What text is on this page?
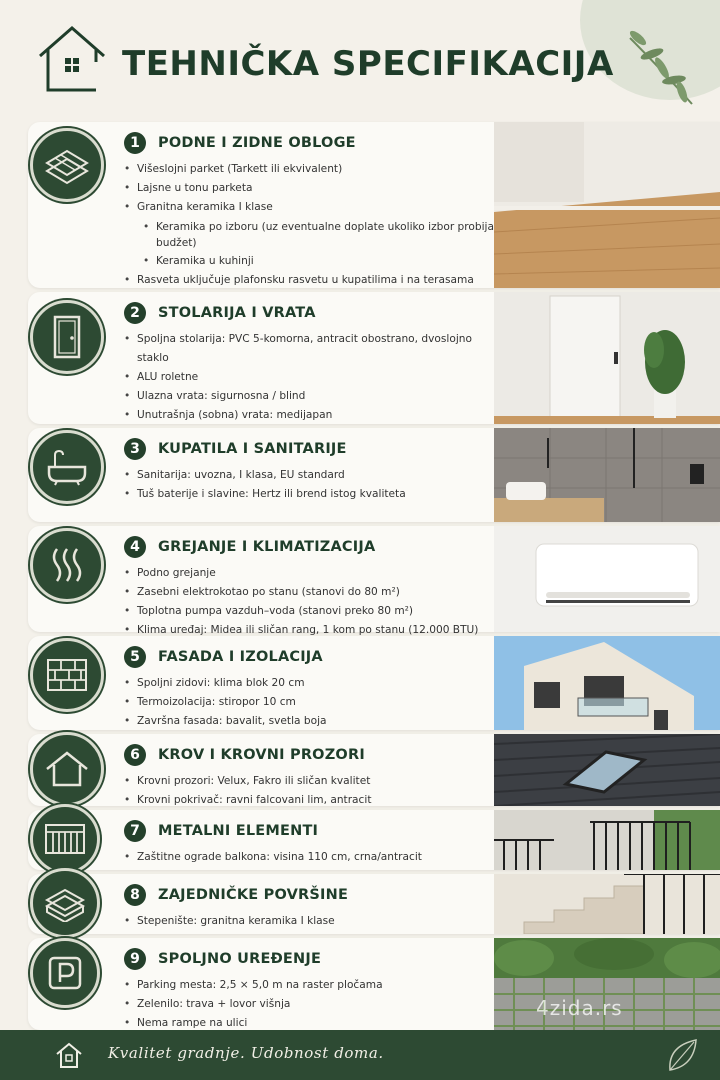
TEHNIČKA SPECIFIKACIJA
1	PODNE I ZIDNE OBLOGE
• Višeslojni parket (Tarkett ili ekvivalent)
• Lajsne u tonu parketa
• Granitna keramika I klase
• Keramika po izboru (uz eventualne doplate ukoliko izbor probija budžet)
• Keramika u kuhinji
• Rasveta uključuje plafonsku rasvetu u kupatilima i na terasama
2	STOLARIJA I VRATA
• Spoljna stolarija: PVC 5-komorna, antracit obostrano, dvoslojno staklo
• ALU roletne
• Ulazna vrata: sigurnosna / blind
• Unutrašnja (sobna) vrata: medijapan
3	KUPATILA I SANITARIJE
• Sanitarija: uvozna, I klasa, EU standard
• Tuš baterije i slavine: Hertz ili brend istog kvaliteta
4	GREJANJE I KLIMATIZACIJA
• Podno grejanje
• Zasebni elektrokotao po stanu (stanovi do 80 m²)
• Toplotna pumpa vazduh–voda (stanovi preko 80 m²)
• Klima uređaj: Midea ili sličan rang, 1 kom po stanu (12.000 BTU)
5	FASADA I IZOLACIJA
• Spoljni zidovi: klima blok 20 cm
• Termoizolacija: stiropor 10 cm
• Završna fasada: bavalit, svetla boja
6	KROV I KROVNI PROZORI
• Krovni prozori: Velux, Fakro ili sličan kvalitet
• Krovni pokrivač: ravni falcovani lim, antracit
7	METALNI ELEMENTI
• Zaštitne ograde balkona: visina 110 cm, crna/antracit
8	ZAJEDNIČKE POVRŠINE
• Stepenište: granitna keramika I klase
9	SPOLJNO UREĐENJE
• Parking mesta: 2,5 × 5,0 m na raster pločama
• Zelenilo: trava + lovor višnja
• Nema rampe na ulici
4zida.rs
Kvalitet gradnje. Udobnost doma.
